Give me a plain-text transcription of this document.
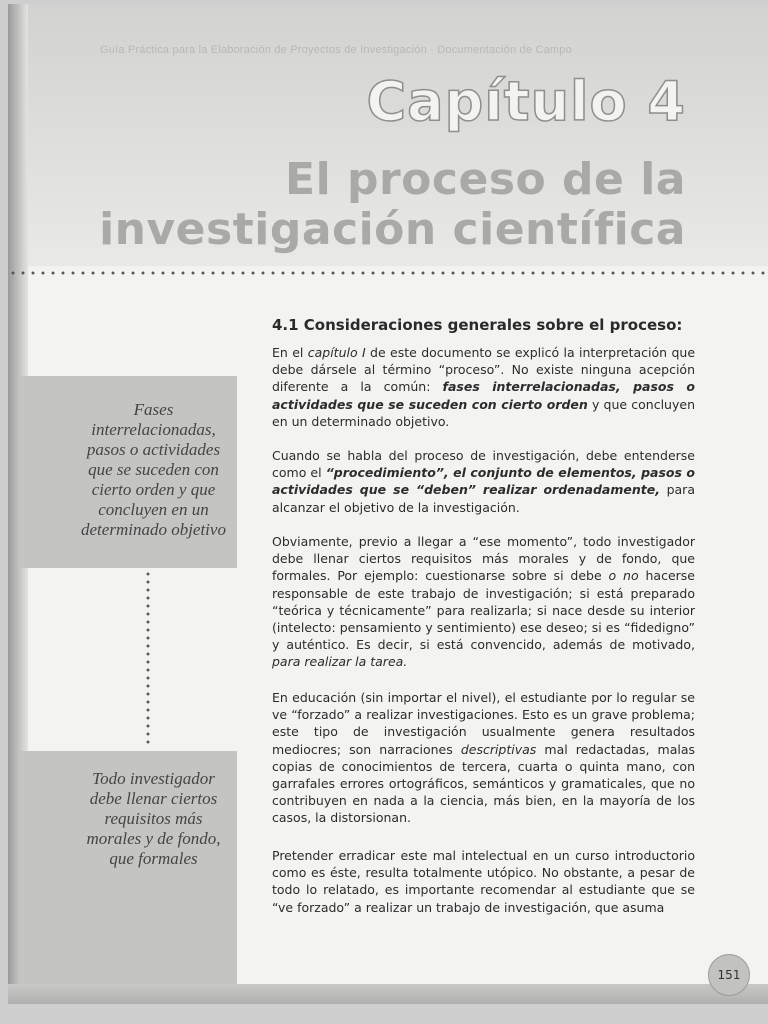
Guía Práctica para la Elaboración de Proyectos de Investigación · Documentación de Campo
Capítulo 4
El proceso de la
investigación científica
4.1 Consideraciones generales sobre el proceso:

En el capítulo I de este documento se explicó la interpretación que debe dársele al término “proceso”. No existe ninguna acepción diferente a la común: fases interrelacionadas, pasos o actividades que se suceden con cierto orden y que concluyen en un determinado objetivo.

Cuando se habla del proceso de investigación, debe entenderse como el “procedimiento”, el conjunto de elementos, pasos o actividades que se “deben” realizar ordenadamente, para alcanzar el objetivo de la investigación.

Obviamente, previo a llegar a “ese momento”, todo investigador debe llenar ciertos requisitos más morales y de fondo, que formales. Por ejemplo: cuestionarse sobre si debe o no hacerse responsable de este trabajo de investigación; si está preparado “teórica y técnicamente” para realizarla; si nace desde su interior (intelecto: pensamiento y sentimiento) ese deseo; si es “fidedigno” y auténtico. Es decir, si está convencido, además de motivado, para realizar la tarea.

En educación (sin importar el nivel), el estudiante por lo regular se ve “forzado” a realizar investigaciones. Esto es un grave problema; este tipo de investigación usualmente genera resultados mediocres; son narraciones descriptivas mal redactadas, malas copias de conocimientos de tercera, cuarta o quinta mano, con garrafales errores ortográficos, semánticos y gramaticales, que no contribuyen en nada a la ciencia, más bien, en la mayoría de los casos, la distorsionan.

Pretender erradicar este mal intelectual en un curso introductorio como es éste, resulta totalmente utópico. No obstante, a pesar de todo lo relatado, es importante recomendar al estudiante que se “ve forzado” a realizar un trabajo de investigación, que asuma

Fases interrelacionadas, pasos o actividades que se suceden con cierto orden y que concluyen en un determinado objetivo
Todo investigador debe llenar ciertos requisitos más morales y de fondo, que formales
151
